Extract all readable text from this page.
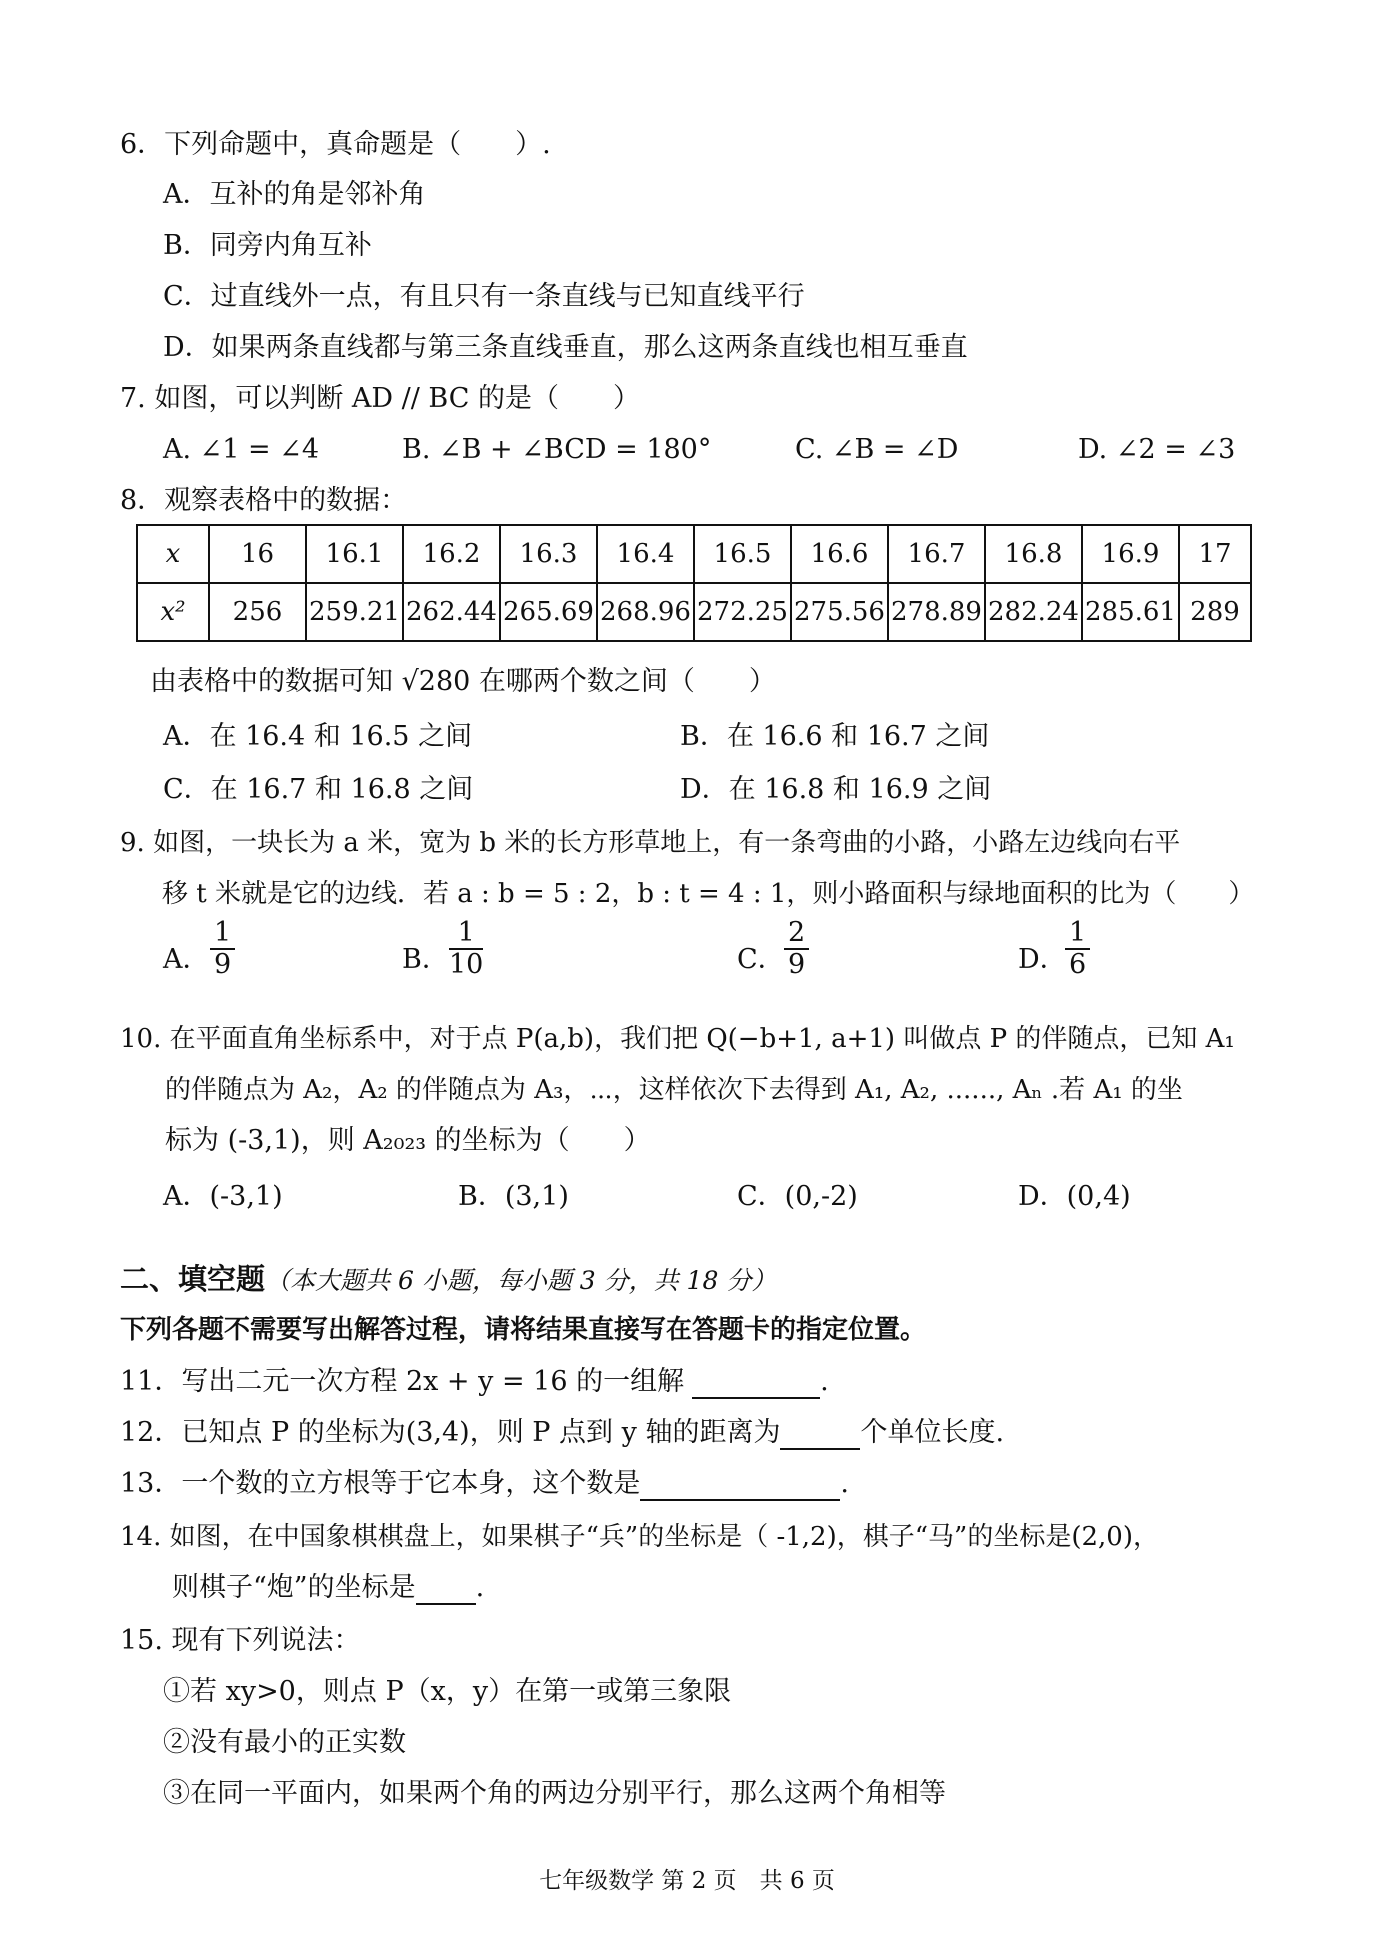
6．下列命题中，真命题是（　　）.
A．互补的角是邻补角
B．同旁内角互补
C．过直线外一点，有且只有一条直线与已知直线平行
D．如果两条直线都与第三条直线垂直，那么这两条直线也相互垂直
7. 如图，可以判断 AD // BC 的是（　　）
A. ∠1 = ∠4	B. ∠B + ∠BCD = 180°	C. ∠B = ∠D	D. ∠2 = ∠3
8．观察表格中的数据：
x	16	16.1	16.2	16.3	16.4	16.5	16.6	16.7	16.8	16.9	17
x²	256	259.21	262.44	265.69	268.96	272.25	275.56	278.89	282.24	285.61	289
由表格中的数据可知 √280 在哪两个数之间（　　）
A．在 16.4 和 16.5 之间	B．在 16.6 和 16.7 之间
C．在 16.7 和 16.8 之间	D．在 16.8 和 16.9 之间
9. 如图，一块长为 a 米，宽为 b 米的长方形草地上，有一条弯曲的小路，小路左边线向右平
移 t 米就是它的边线．若 a : b = 5 : 2，b : t = 4 : 1，则小路面积与绿地面积的比为（　　）
A． $\frac{1}{9}$	B． $\frac{1}{10}$	C． $\frac{2}{9}$	D．
$\frac{1}{6}$
10. 在平面直角坐标系中，对于点 P(a,b)，我们把 Q(−b+1, a+1) 叫做点 P 的伴随点，已知 A₁
的伴随点为 A₂，A₂ 的伴随点为 A₃，⋯，这样依次下去得到 A₁, A₂, ......, Aₙ .若 A₁ 的坐
标为 (-3,1)，则 A₂₀₂₃ 的坐标为（　　）
A．(-3,1)	B．(3,1)	C．(0,-2)	D．(0,4)
二、填空题（本大题共 6 小题，每小题 3 分，共 18 分）
下列各题不需要写出解答过程，请将结果直接写在答题卡的指定位置。
11．写出二元一次方程 2x + y = 16 的一组解	.
12．已知点 P 的坐标为(3,4)，则 P 点到 y 轴的距离为	个单位长度.
13．一个数的立方根等于它本身，这个数是	.
14. 如图，在中国象棋棋盘上，如果棋子“兵”的坐标是（ -1,2)，棋子“马”的坐标是(2,0)，
则棋子“炮”的坐标是 .
15. 现有下列说法：
①若 xy>0，则点 P（x，y）在第一或第三象限
②没有最小的正实数
③在同一平面内，如果两个角的两边分别平行，那么这两个角相等
七年级数学 第 2 页　共 6 页
